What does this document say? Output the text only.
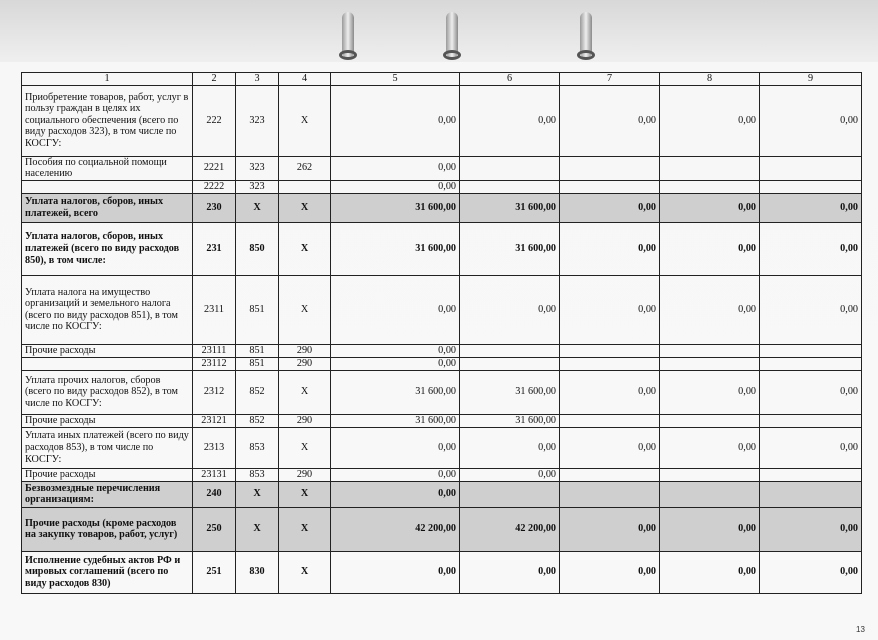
1	2	3	4	5	6	7	8	9
Приобретение товаров, работ, услуг в пользу граждан в целях их социального обеспечения (всего по виду расходов 323), в том числе по КОСГУ:	222	323	X	0,00	0,00	0,00	0,00	0,00
Пособия по социальной помощи населению	2221	323	262	0,00				
	2222	323		0,00				
Уплата налогов, сборов, иных платежей, всего	230	X	X	31 600,00	31 600,00	0,00	0,00	0,00
Уплата налогов, сборов, иных платежей (всего по виду расходов 850), в том числе:	231	850	X	31 600,00	31 600,00	0,00	0,00	0,00
Уплата налога на имущество организаций и земельного налога (всего по виду расходов 851), в том числе по КОСГУ:	2311	851	X	0,00	0,00	0,00	0,00	0,00
Прочие расходы	23111	851	290	0,00				
	23112	851	290	0,00				
Уплата прочих налогов, сборов (всего по виду расходов 852), в том числе по КОСГУ:	2312	852	X	31 600,00	31 600,00	0,00	0,00	0,00
Прочие расходы	23121	852	290	31 600,00	31 600,00			
Уплата иных платежей (всего по виду расходов 853), в том числе по КОСГУ:	2313	853	X	0,00	0,00	0,00	0,00	0,00
Прочие расходы	23131	853	290	0,00	0,00			
Безвозмездные перечисления организациям:	240	X	X	0,00				
Прочие расходы (кроме расходов на закупку товаров, работ, услуг)	250	X	X	42 200,00	42 200,00	0,00	0,00	0,00
Исполнение судебных актов РФ и мировых соглашений (всего по виду расходов 830)	251	830	X	0,00	0,00	0,00	0,00	0,00
13
